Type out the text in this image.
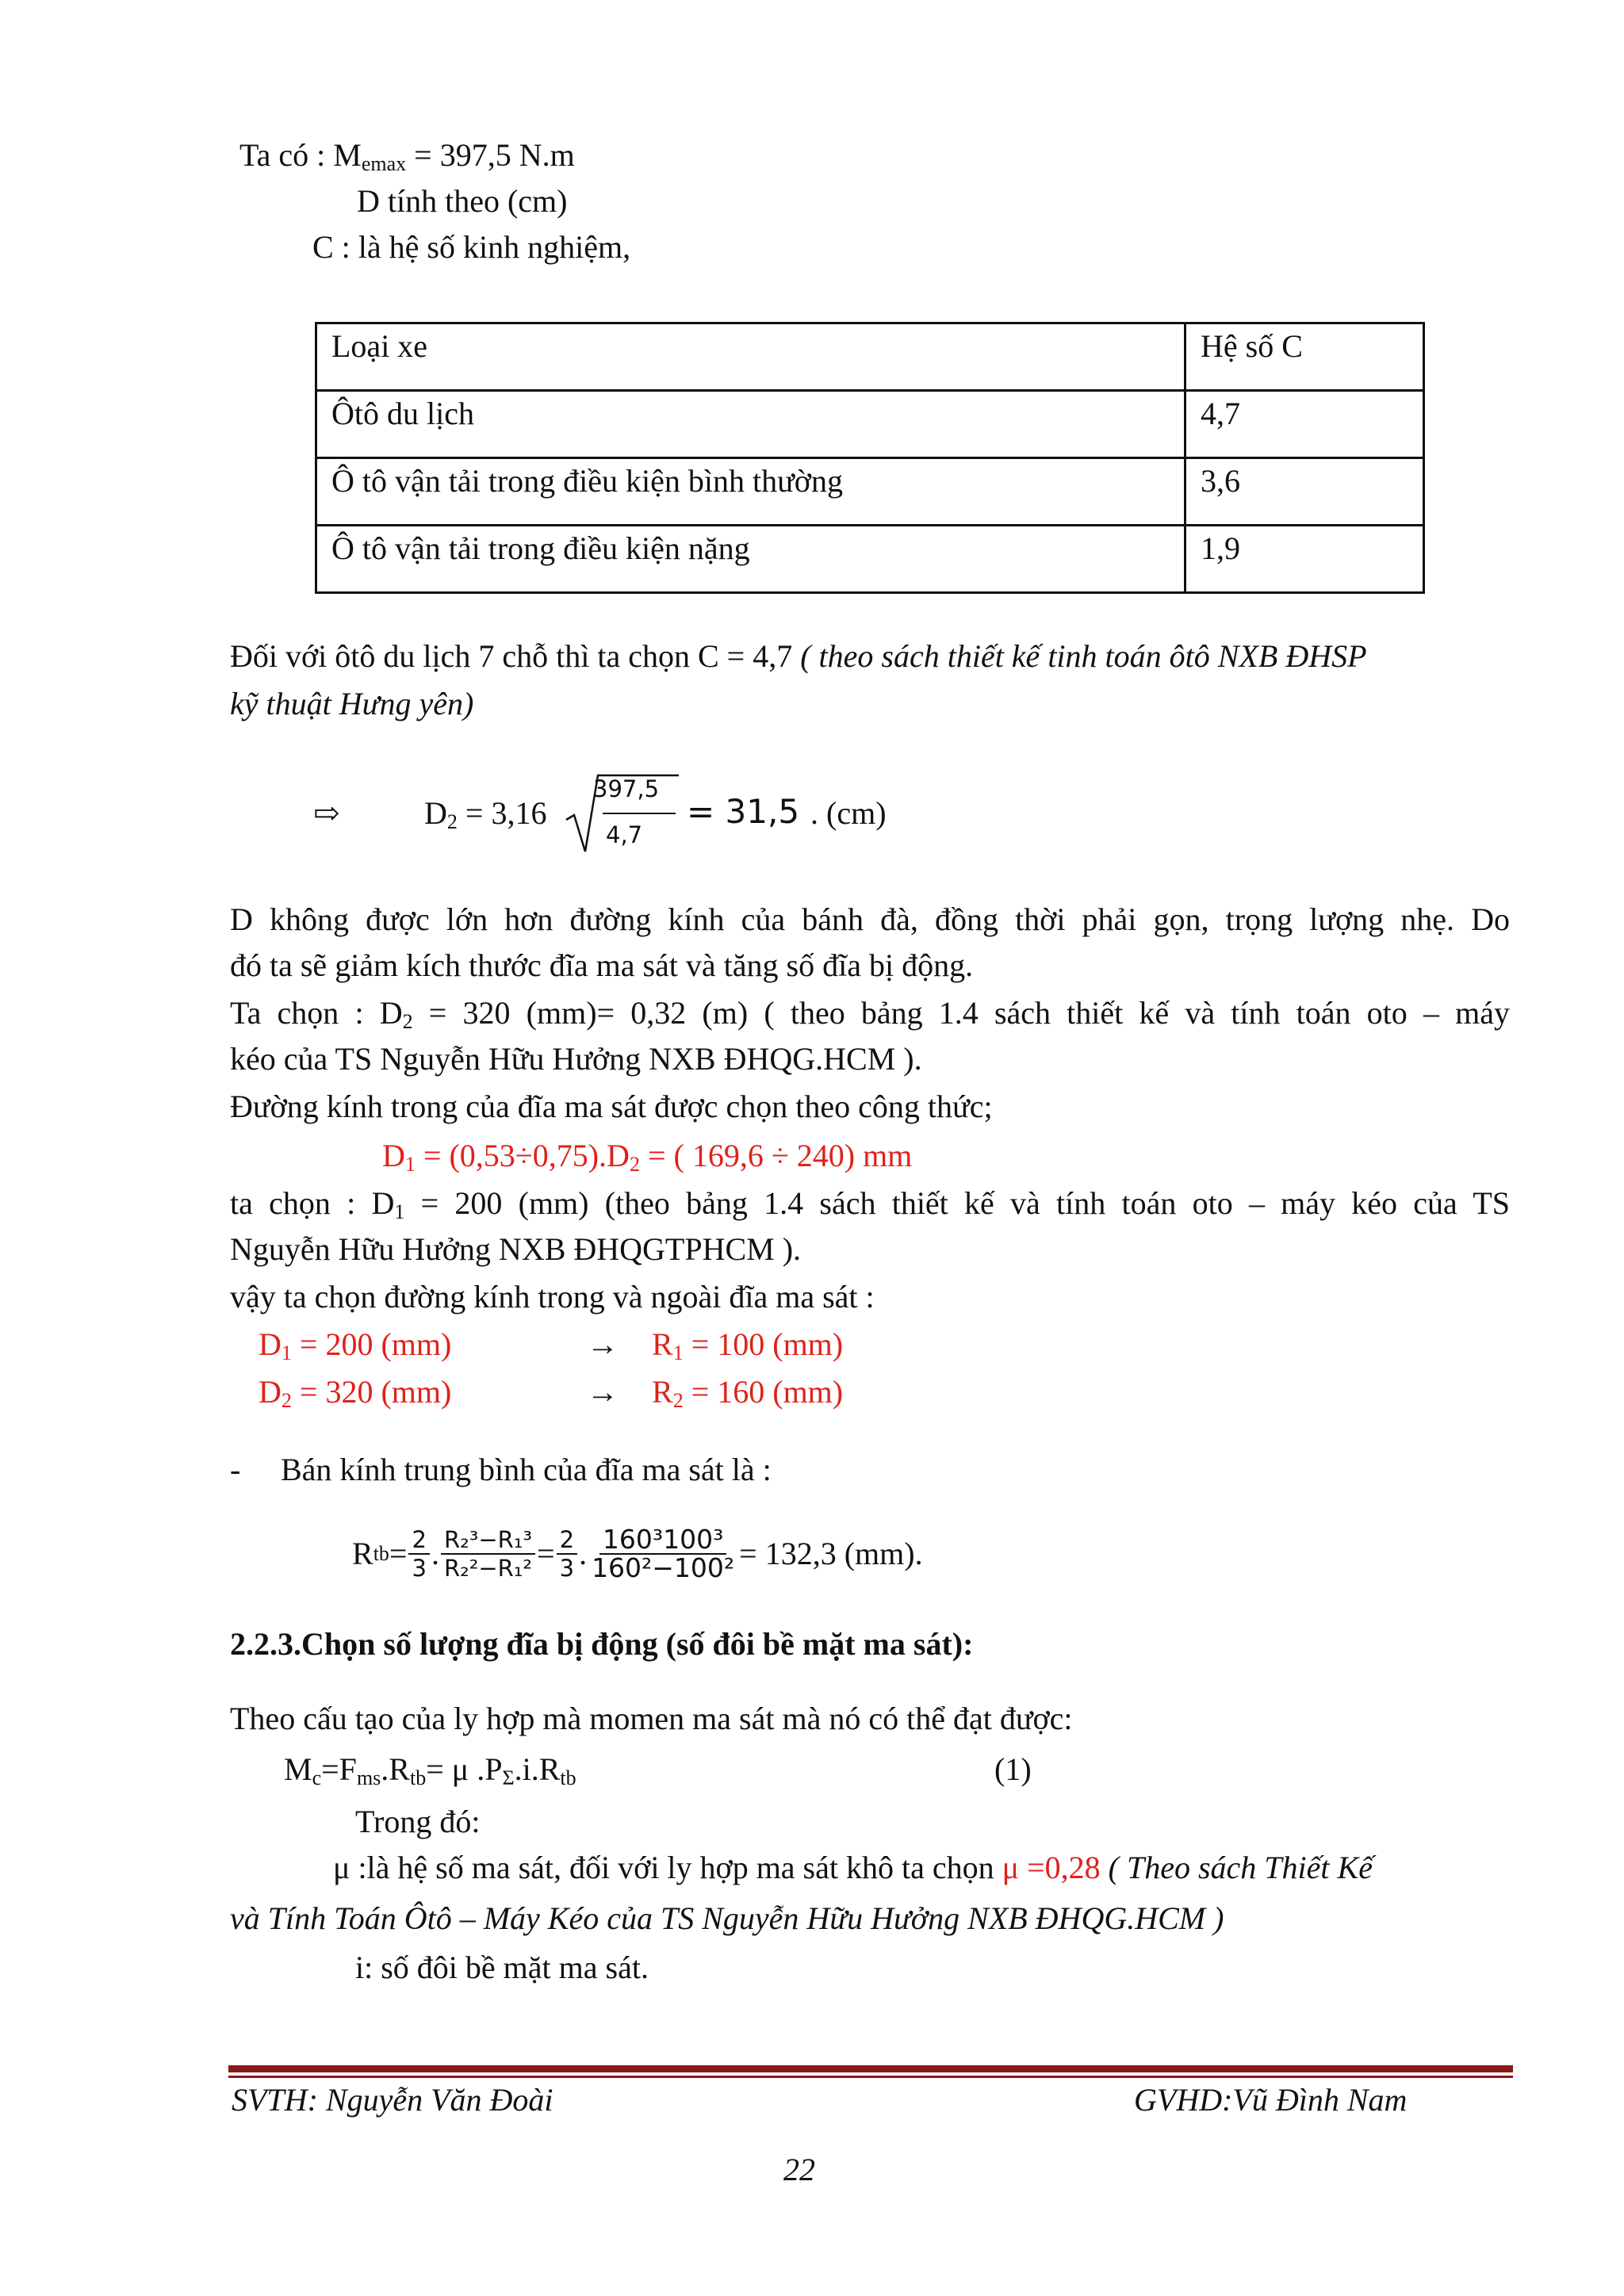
Ta có : $M_{emax} = 397,5$ N.m
D tính theo (cm)
C : là hệ số kinh nghiệm,
Loại xe	Hệ số C
Ôtô du lịch	4,7
Ô tô vận tải trong điều kiện bình thường	3,6
Ô tô vận tải trong điều kiện nặng	1,9
Đối với ôtô du lịch 7 chỗ thì ta chọn C = 4,7 ( theo sách thiết kế tinh toán ôtô NXB ĐHSP
kỹ thuật Hưng yên)
⇨	$D_2 = 3,16$
397,5
4,7
= 31,5 . (cm)
D không được lớn hơn đường kính của bánh đà, đồng thời phải gọn, trọng lượng nhẹ. Do
đó ta sẽ giảm kích thước đĩa ma sát và tăng số đĩa bị động.
Ta chọn : $D_2 = 320$ (mm)= 0,32 (m) ( theo bảng 1.4 sách thiết kế và tính toán oto – máy
kéo của TS Nguyễn Hữu Hưởng NXB ĐHQG.HCM ).
Đường kính trong của đĩa ma sát được chọn theo công thức;
$D_1 = (0,53\div 0,75).D_2$ = ( 169,6 ÷ 240) mm
ta chọn : $D_1 = 200$ (mm) (theo bảng 1.4 sách thiết kế và tính toán oto – máy kéo của TS
Nguyễn Hữu Hưởng NXB ĐHQGTPHCM ).
vậy ta chọn đường kính trong và ngoài đĩa ma sát :
$D_1 = 200$ (mm)	→ $R_1 = 100$ (mm)
$D_2 = 320$ (mm)	→ $R_2 = 160$ (mm)
- Bán kính trung bình của đĩa ma sát là :
R tb = $\frac{2}{3}$ . $\frac{\text{R₂³−R₁³}}{\text{R₂²−R₁²}} = \frac{2}{3}$ . $\frac{\text{160³100³}}{\text{160²−100²}} = 132,3$ (mm).
2.2.3.Chọn số lượng đĩa bị động (số đôi bề mặt ma sát):
Theo cấu tạo của ly hợp mà momen ma sát mà nó có thể đạt được:
$M_c=F_{ms}.R_{tb}= \mu$ $.P_\Sigma.i.R_{tb}$	(1)
Trong đó:
μ :là hệ số ma sát, đối với ly hợp ma sát khô ta chọn μ =0,28 ( Theo sách Thiết Kế
và Tính Toán Ôtô – Máy Kéo của TS Nguyễn Hữu Hưởng NXB ĐHQG.HCM )
i: số đôi bề mặt ma sát.
SVTH: Nguyễn Văn Đoài	GVHD:Vũ Đình Nam
22
